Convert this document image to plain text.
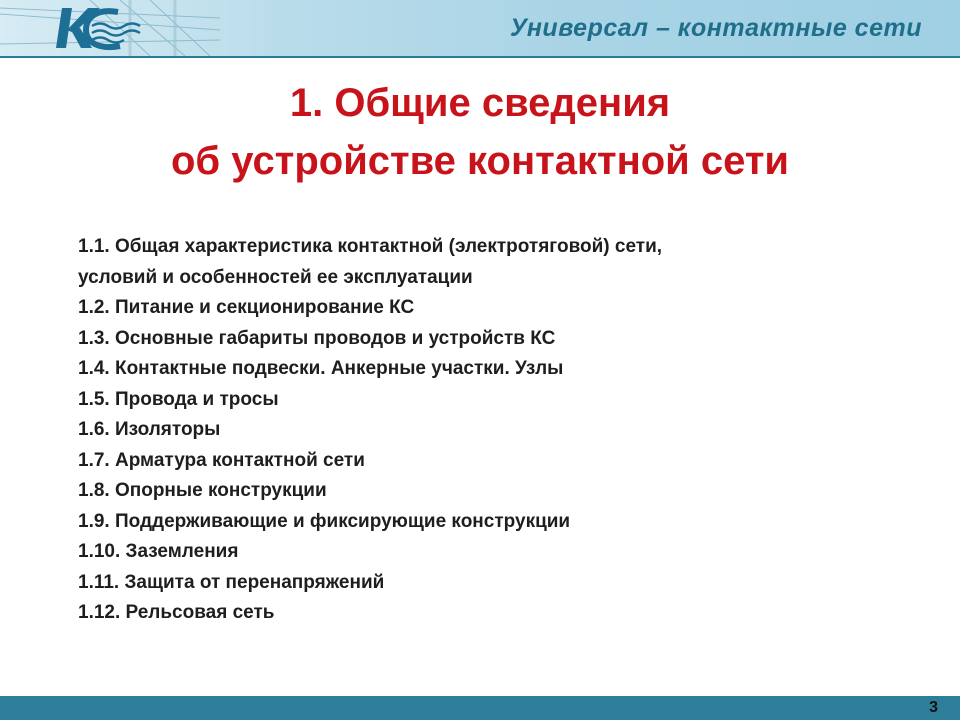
Универсал – контактные сети
1. Общие сведения
об устройстве контактной сети
1.1. Общая характеристика контактной (электротяговой) сети,
условий и особенностей ее эксплуатации
1.2. Питание и секционирование КС
1.3. Основные габариты проводов и устройств КС
1.4. Контактные подвески. Анкерные участки. Узлы
1.5. Провода и тросы
1.6. Изоляторы
1.7. Арматура контактной сети
1.8. Опорные конструкции
1.9. Поддерживающие и фиксирующие конструкции
1.10. Заземления
1.11. Защита от перенапряжений
1.12. Рельсовая сеть
3
